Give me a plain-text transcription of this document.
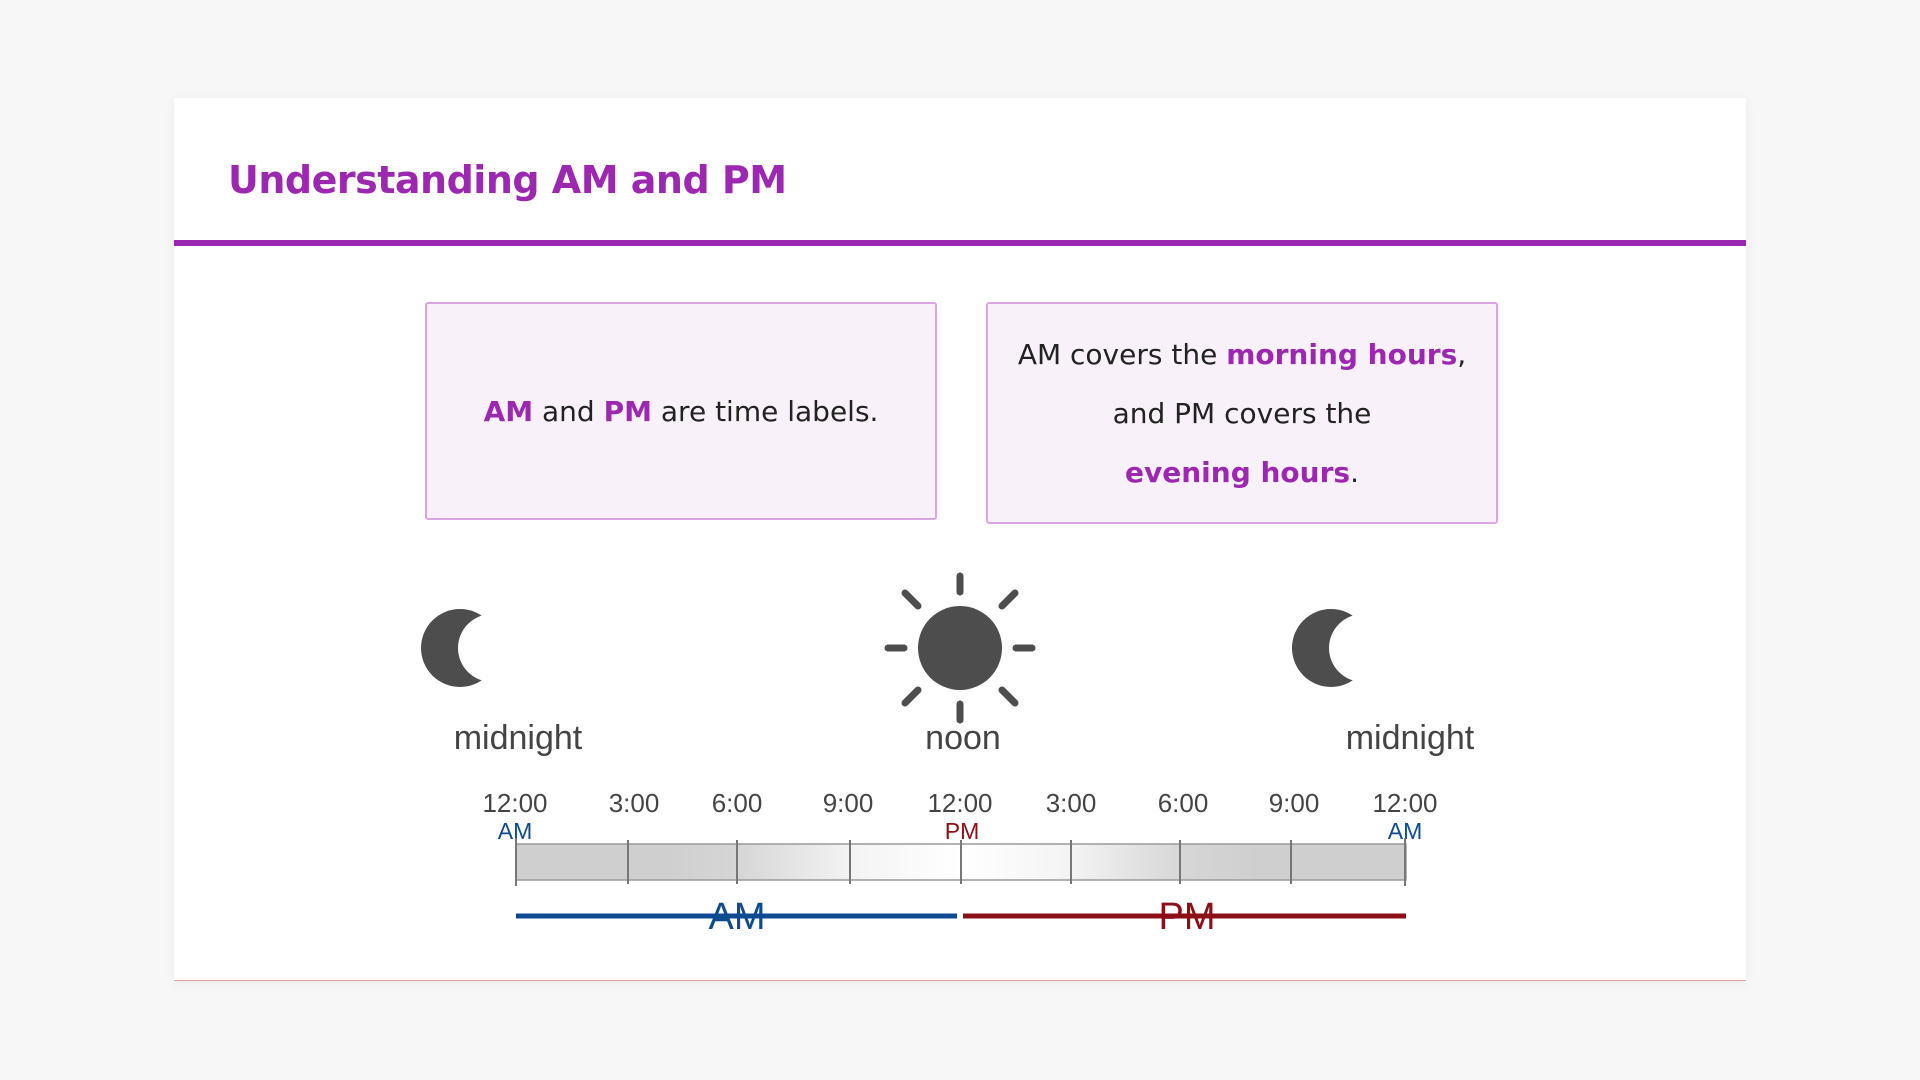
Understanding AM and PM

AM and PM are time labels.

AM covers the morning hours,
and PM covers the
evening hours.

midnight	noon	midnight
12:00 3:00 6:00 9:00 12:00 3:00 6:00 9:00 12:00
AM	PM	AM
AM	PM
